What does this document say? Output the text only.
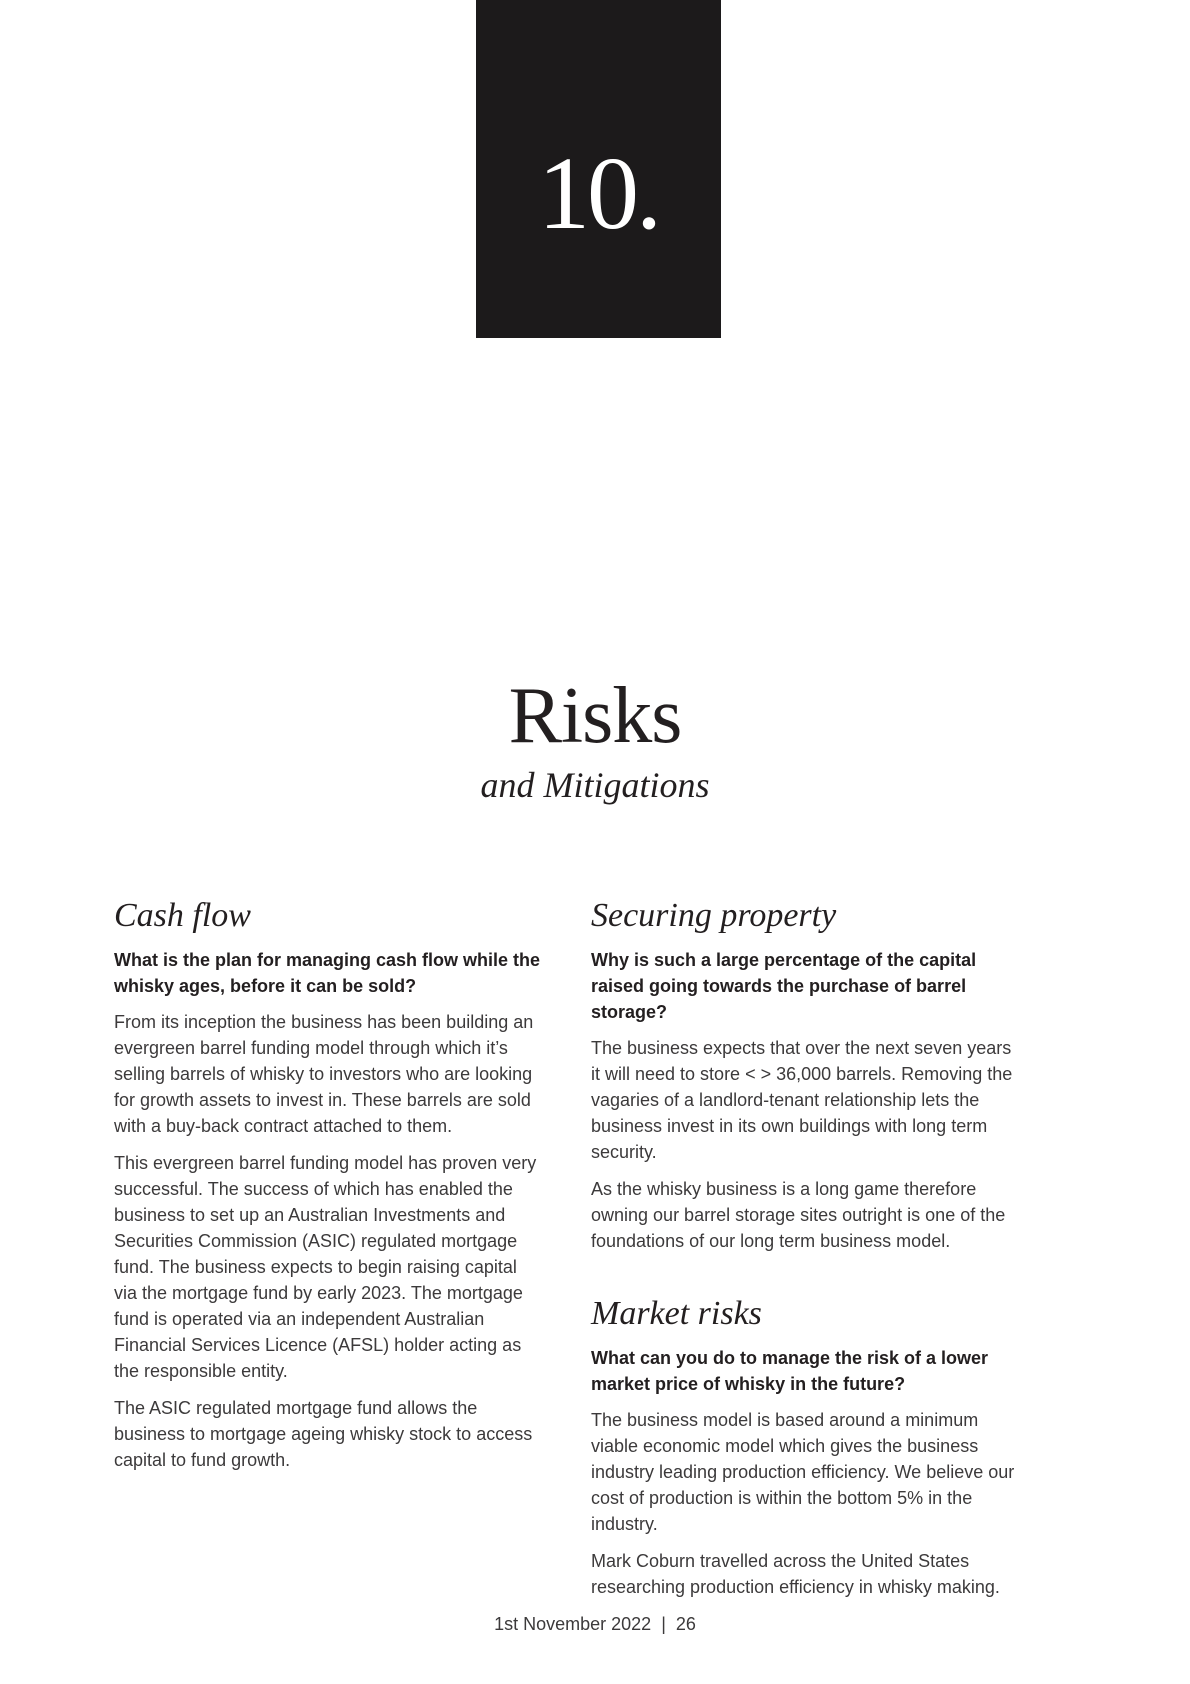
10.
Risks
and Mitigations
Cash flow

What is the plan for managing cash flow while the whisky ages, before it can be sold?

From its inception the business has been building an evergreen barrel funding model through which it’s selling barrels of whisky to investors who are looking for growth assets to invest in. These barrels are sold with a buy-back contract attached to them.

This evergreen barrel funding model has proven very successful. The success of which has enabled the business to set up an Australian Investments and Securities Commission (ASIC) regulated mortgage fund. The business expects to begin raising capital via the mortgage fund by early 2023. The mortgage fund is operated via an independent Australian Financial Services Licence (AFSL) holder acting as the responsible entity.

The ASIC regulated mortgage fund allows the business to mortgage ageing whisky stock to access capital to fund growth.

Securing property

Why is such a large percentage of the capital raised going towards the purchase of barrel storage?

The business expects that over the next seven years it will need to store < > 36,000 barrels. Removing the vagaries of a landlord-tenant relationship lets the business invest in its own buildings with long term security.

As the whisky business is a long game therefore owning our barrel storage sites outright is one of the foundations of our long term business model.

Market risks

What can you do to manage the risk of a lower market price of whisky in the future?

The business model is based around a minimum viable economic model which gives the business industry leading production efficiency. We believe our cost of production is within the bottom 5% in the industry.

Mark Coburn travelled across the United States researching production efficiency in whisky making.

1st November 2022 | 26
